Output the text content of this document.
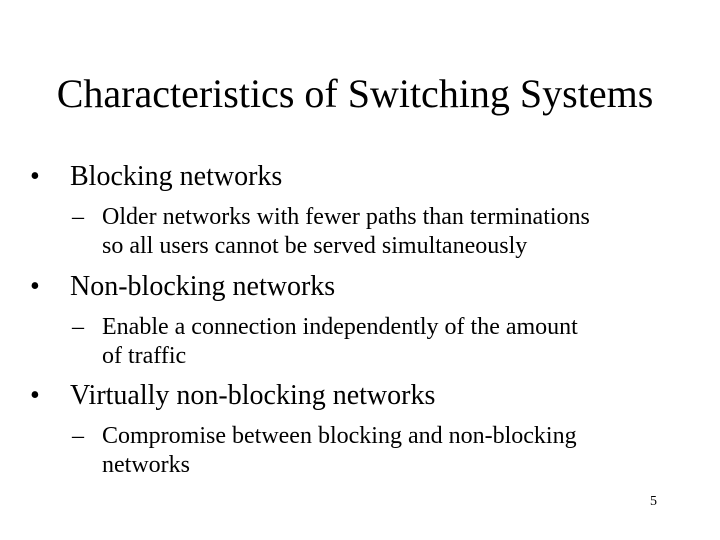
Characteristics of Switching Systems
• Blocking networks
– Older networks with fewer paths than terminations
so all users cannot be served simultaneously
• Non-blocking networks
– Enable a connection independently of the amount
of traffic
• Virtually non-blocking networks
– Compromise between blocking and non-blocking
networks
5
